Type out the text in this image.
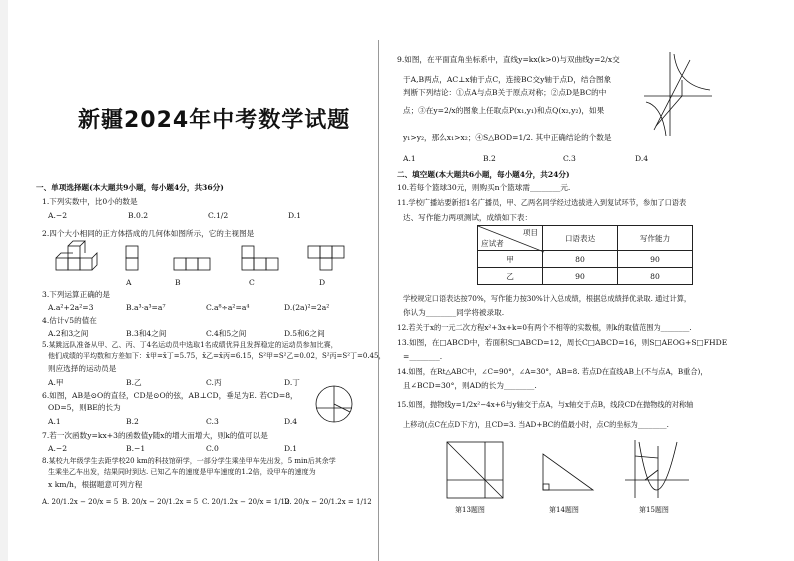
新疆2024年中考数学试题
一、单项选择题(本大题共9小题，每小题4分，共36分)
1.下列实数中，比0小的数是
A.−2	B.0.2	C.1/2	D.1
2.四个大小相同的正方体搭成的几何体如图所示，它的主视图是
A	B	C	D
3.下列运算正确的是
A.a²+2a²=3	B.a³·a³=a⁷	C.a⁸÷a²=a⁴	D.(2a)²=2a²
4.估计√5的值在
A.2和3之间	B.3和4之间	C.4和5之间	D.5和6之间
5.某跳远队准备从甲、乙、丙、丁4名运动员中选取1名成绩优异且发挥稳定的运动员参加比赛，
他们成绩的平均数和方差如下：x̄甲=x̄丁=5.75，x̄乙=x̄丙=6.15，S²甲=S²乙=0.02，S²丙=S²丁=0.45，
则应选择的运动员是
A.甲	B.乙	C.丙	D.丁
6.如图，AB是⊙O的直径，CD是⊙O的弦，AB⊥CD，垂足为E. 若CD=8，
OD=5，则BE的长为
A.1	B.2	C.3	D.4
7.若一次函数y=kx+3的函数值y随x的增大而增大，则k的值可以是
A.−2	B.−1	C.0	D.1
8.某校九年级学生去距学校20 km的科技馆研学，一部分学生乘坐甲车先出发，5 min后其余学
生乘坐乙车出发，结果同时到达. 已知乙车的速度是甲车速度的1.2倍，设甲车的速度为
x km/h，根据题意可列方程
A. 20/1.2x − 20/x = 5 B. 20/x − 20/1.2x = 5 C. 20/1.2x − 20/x = 1/12D. 20/x − 20/1.2x = 1/12
9.如图，在平面直角坐标系中，直线y=kx(k>0)与双曲线y=2/x交
于A,B两点，AC⊥x轴于点C，连接BC交y轴于点D，结合图象
判断下列结论：①点A与点B关于原点对称；②点D是BC的中
点；③在y=2/x的图象上任取点P(x₁,y₁)和点Q(x₂,y₂)，如果
y₁>y₂，那么x₁>x₂；④S△BOD=1/2. 其中正确结论的个数是
A.1	B.2	C.3	D.4
二、填空题(本大题共6小题，每小题4分，共24分)
10.若每个篮球30元，则购买n个篮球需________元.
11.学校广播站要新招1名广播员，甲、乙两名同学经过选拔进入到复试环节，参加了口语表
达、写作能力两项测试，成绩如下表：
项目
应试者	口语表达	写作能力
甲	80	90
乙	90	80
学校规定口语表达按70%，写作能力按30%计入总成绩，根据总成绩择优录取. 通过计算，
你认为________同学将被录取.
12.若关于x的一元二次方程x²+3x+k=0有两个不相等的实数根，则k的取值范围为________.
13.如图，在□ABCD中，若面积S□ABCD=12，周长C□ABCD=16，则S□AEOG+S□FHDE
=________.
14.如图，在Rt△ABC中，∠C=90°，∠A=30°，AB=8. 若点D在直线AB上(不与点A，B重合)，
且∠BCD=30°，则AD的长为________.
15.如图，抛物线y=1/2x²−4x+6与y轴交于点A，与x轴交于点B，线段CD在抛物线的对称轴
上移动(点C在点D下方)，且CD=3. 当AD+BC的值最小时，点C的坐标为________.
第13题图	第14题图	第15题图
